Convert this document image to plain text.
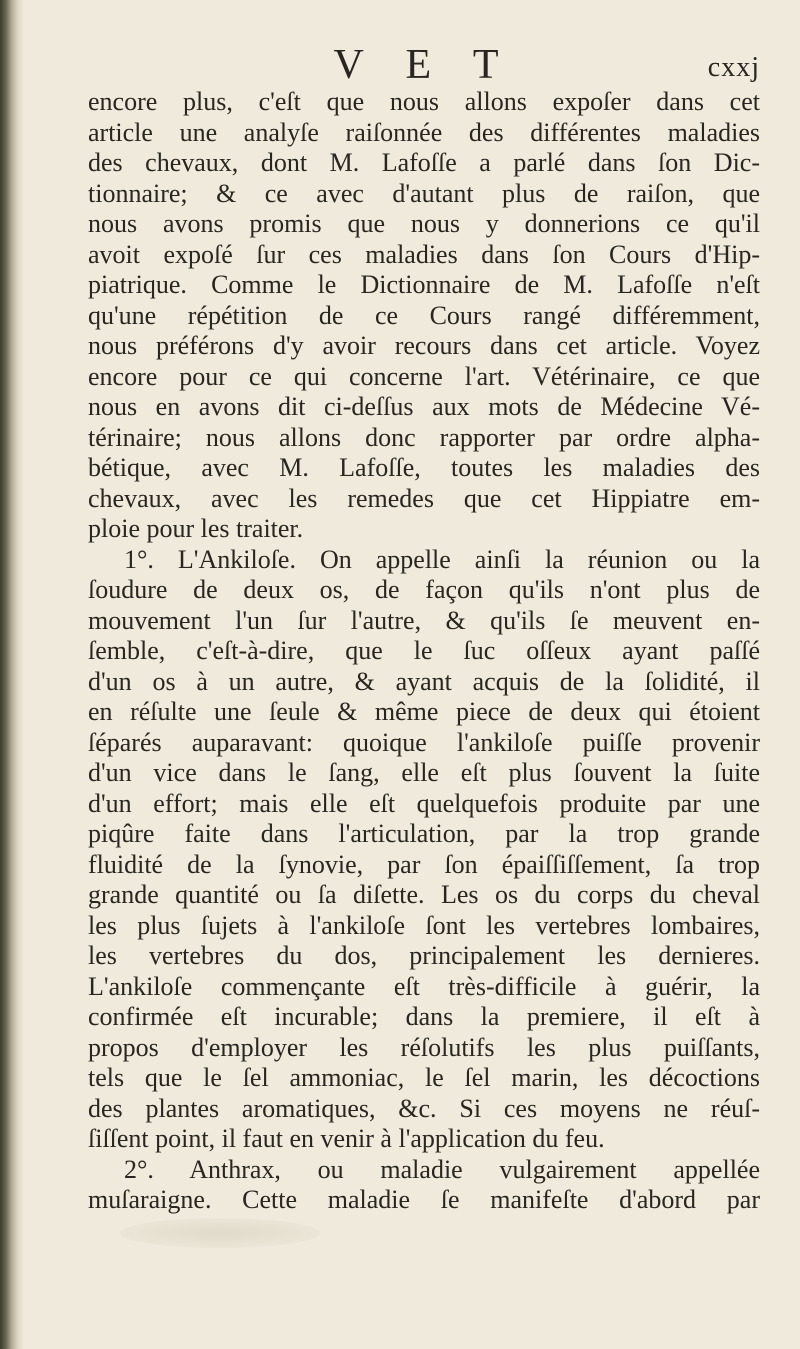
V E T	cxxj
encore plus, c'eſt que nous allons expoſer dans cet
article une analyſe raiſonnée des différentes maladies
des chevaux, dont M. Lafoſſe a parlé dans ſon Dic-
tionnaire; & ce avec d'autant plus de raiſon, que
nous avons promis que nous y donnerions ce qu'il
avoit expoſé ſur ces maladies dans ſon Cours d'Hip-
piatrique. Comme le Dictionnaire de M. Lafoſſe n'eſt
qu'une répétition de ce Cours rangé différemment,
nous préférons d'y avoir recours dans cet article. Voyez
encore pour ce qui concerne l'art. Vétérinaire, ce que
nous en avons dit ci-deſſus aux mots de Médecine Vé-
térinaire; nous allons donc rapporter par ordre alpha-
bétique, avec M. Lafoſſe, toutes les maladies des
chevaux, avec les remedes que cet Hippiatre em-
ploie pour les traiter.
1°. L'Ankiloſe. On appelle ainſi la réunion ou la
ſoudure de deux os, de façon qu'ils n'ont plus de
mouvement l'un ſur l'autre, & qu'ils ſe meuvent en-
ſemble, c'eſt-à-dire, que le ſuc oſſeux ayant paſſé
d'un os à un autre, & ayant acquis de la ſolidité, il
en réſulte une ſeule & même piece de deux qui étoient
ſéparés auparavant: quoique l'ankiloſe puiſſe provenir
d'un vice dans le ſang, elle eſt plus ſouvent la ſuite
d'un effort; mais elle eſt quelquefois produite par une
piqûre faite dans l'articulation, par la trop grande
fluidité de la ſynovie, par ſon épaiſſiſſement, ſa trop
grande quantité ou ſa diſette. Les os du corps du cheval
les plus ſujets à l'ankiloſe ſont les vertebres lombaires,
les vertebres du dos, principalement les dernieres.
L'ankiloſe commençante eſt très-difficile à guérir, la
confirmée eſt incurable; dans la premiere, il eſt à
propos d'employer les réſolutifs les plus puiſſants,
tels que le ſel ammoniac, le ſel marin, les décoctions
des plantes aromatiques, &c. Si ces moyens ne réuſ-
ſiſſent point, il faut en venir à l'application du feu.
2°. Anthrax, ou maladie vulgairement appellée
muſaraigne. Cette maladie ſe manifeſte d'abord par
